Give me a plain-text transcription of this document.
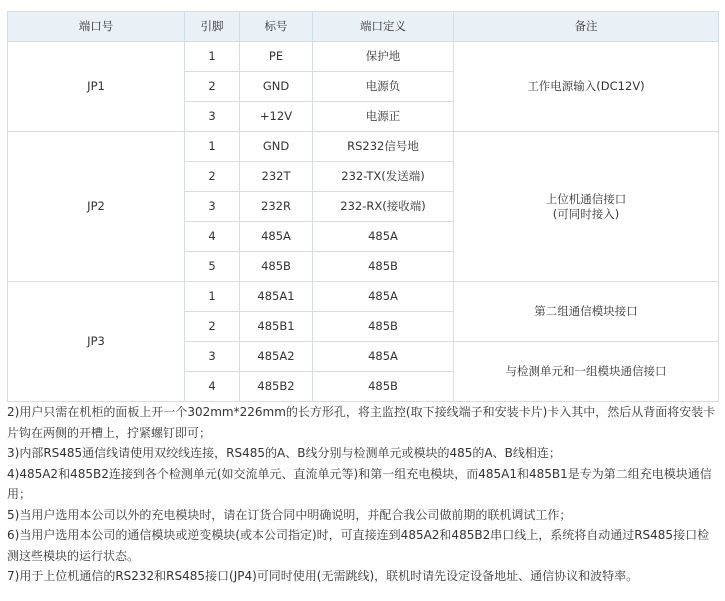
端口号	引脚	标号	端口定义	备注
JP1	1	PE	保护地	工作电源输入(DC12V)
	2	GND	电源负	
	3	+12V	电源正	
JP2	1	GND	RS232信号地	上位机通信接口
(可同时接入)
	2	232T	232-TX(发送端)	
	3	232R	232-RX(接收端)	
	4	485A	485A	
	5	485B	485B	
JP3	1	485A1	485A	第二组通信模块接口
	2	485B1	485B	
	3	485A2	485A	与检测单元和一组模块通信接口
	4	485B2	485B	

2)用户只需在机柜的面板上开一个302mm*226mm的长方形孔，将主监控(取下接线端子和安装卡片)卡入其中，然后从背面将安装卡片钩在两侧的开槽上，拧紧螺钉即可；

3)内部RS485通信线请使用双绞线连接，RS485的A、B线分别与检测单元或模块的485的A、B线相连；

4)485A2和485B2连接到各个检测单元(如交流单元、直流单元等)和第一组充电模块，而485A1和485B1是专为第二组充电模块通信用；

5)当用户选用本公司以外的充电模块时，请在订货合同中明确说明，并配合我公司做前期的联机调试工作；

6)当用户选用本公司的通信模块或逆变模块(或本公司指定)时，可直接连到485A2和485B2串口线上，系统将自动通过RS485接口检测这些模块的运行状态。

7)用于上位机通信的RS232和RS485接口(JP4)可同时使用(无需跳线)，联机时请先设定设备地址、通信协议和波特率。
